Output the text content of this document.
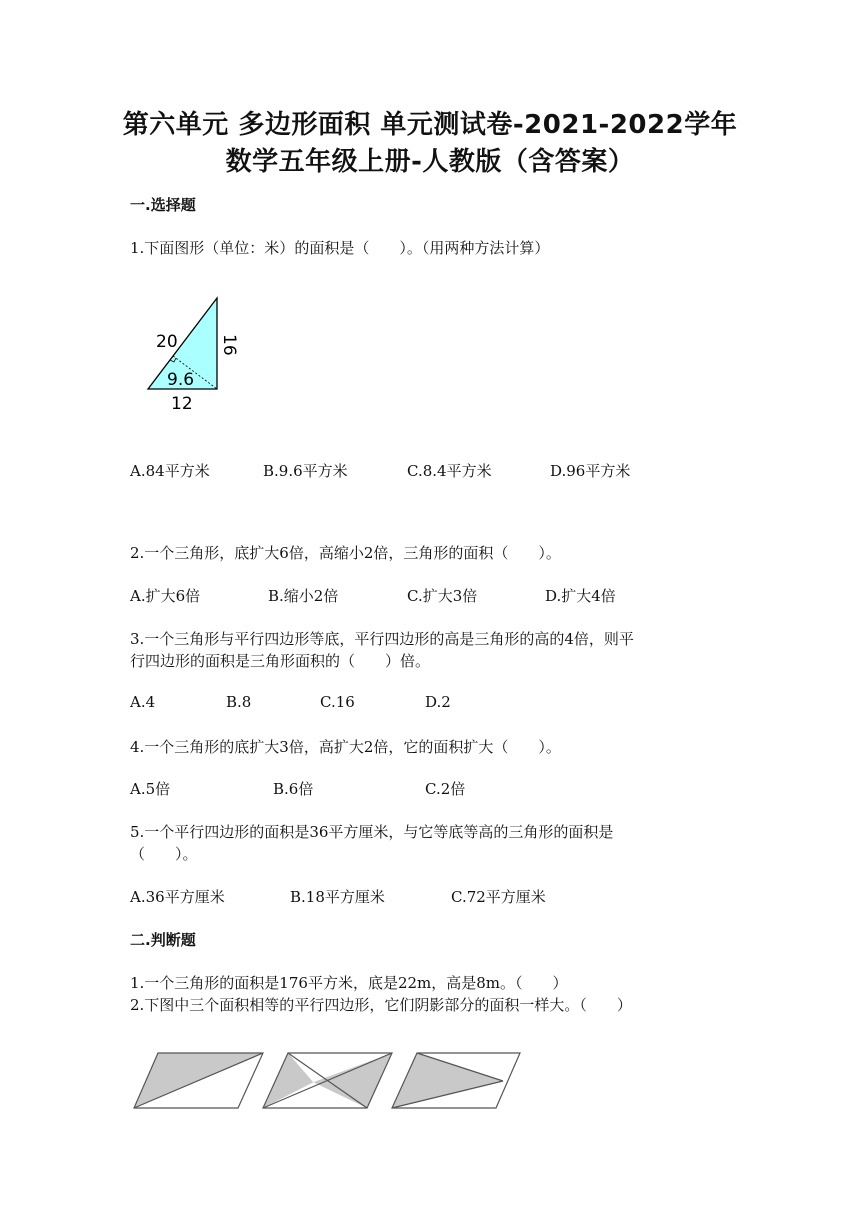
第六单元 多边形面积 单元测试卷-2021-2022学年
数学五年级上册-人教版（含答案）
一.选择题
1.下面图形（单位：米）的面积是（　　）。（用两种方法计算）
20 16
9.6
12
A.84平方米	B.9.6平方米	C.8.4平方米	D.96平方米
2.一个三角形，底扩大6倍，高缩小2倍，三角形的面积（　　）。
A.扩大6倍	B.缩小2倍	C.扩大3倍	D.扩大4倍
3.一个三角形与平行四边形等底，平行四边形的高是三角形的高的4倍，则平
行四边形的面积是三角形面积的（　　）倍。
A.4	B.8	C.16	D.2
4.一个三角形的底扩大3倍，高扩大2倍，它的面积扩大（　　）。
A.5倍	B.6倍	C.2倍
5.一个平行四边形的面积是36平方厘米，与它等底等高的三角形的面积是
（　　）。
A.36平方厘米	B.18平方厘米	C.72平方厘米
二.判断题
1.一个三角形的面积是176平方米，底是22m，高是8m。（　　）
2.下图中三个面积相等的平行四边形，它们阴影部分的面积一样大。（　　）
